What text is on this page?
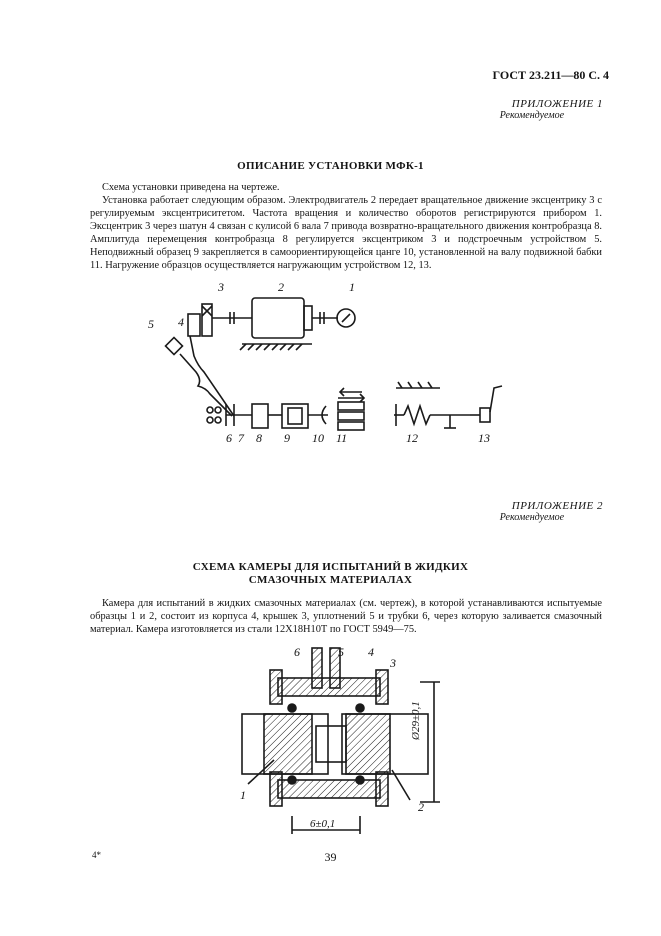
ГОСТ 23.211—80 С. 4
ПРИЛОЖЕНИЕ 1
Рекомендуемое
ОПИСАНИЕ УСТАНОВКИ МФК-1

Схема установки приведена на чертеже.

Установка работает следующим образом. Электродвигатель 2 передает вращательное движение эксцентрику 3 с регулируемым эксцентриситетом. Частота вращения и количество оборотов регистрируются прибором 1. Эксцентрик 3 через шатун 4 связан с кулисой 6 вала 7 привода возвратно-вращательного движения контробразца 8. Амплитуда перемещения контробразца 8 регулируется эксцентриком 3 и подстроечным устройством 5. Неподвижный образец 9 закрепляется в самоориентирующейся цанге 10, установленной на валу подвижной бабки 11. Нагружение образцов осуществляется нагружающим устройством 12, 13.

1
2
3
4
5
6 7 8 9 10 11	12	13
ПРИЛОЖЕНИЕ 2
Рекомендуемое
СХЕМА КАМЕРЫ ДЛЯ ИСПЫТАНИЙ В ЖИДКИХ
СМАЗОЧНЫХ МАТЕРИАЛАХ

Камера для испытаний в жидких смазочных материалах (см. чертеж), в которой устанавливаются испытуемые образцы 1 и 2, состоит из корпуса 4, крышек 3, уплотнений 5 и трубки 6, через которую заливается смазочный материал. Камера изготовляется из стали 12Х18Н10Т по ГОСТ 5949—75.

6	5 4
3
1
2
Ø29±0,1
6±0,1
39
4*
